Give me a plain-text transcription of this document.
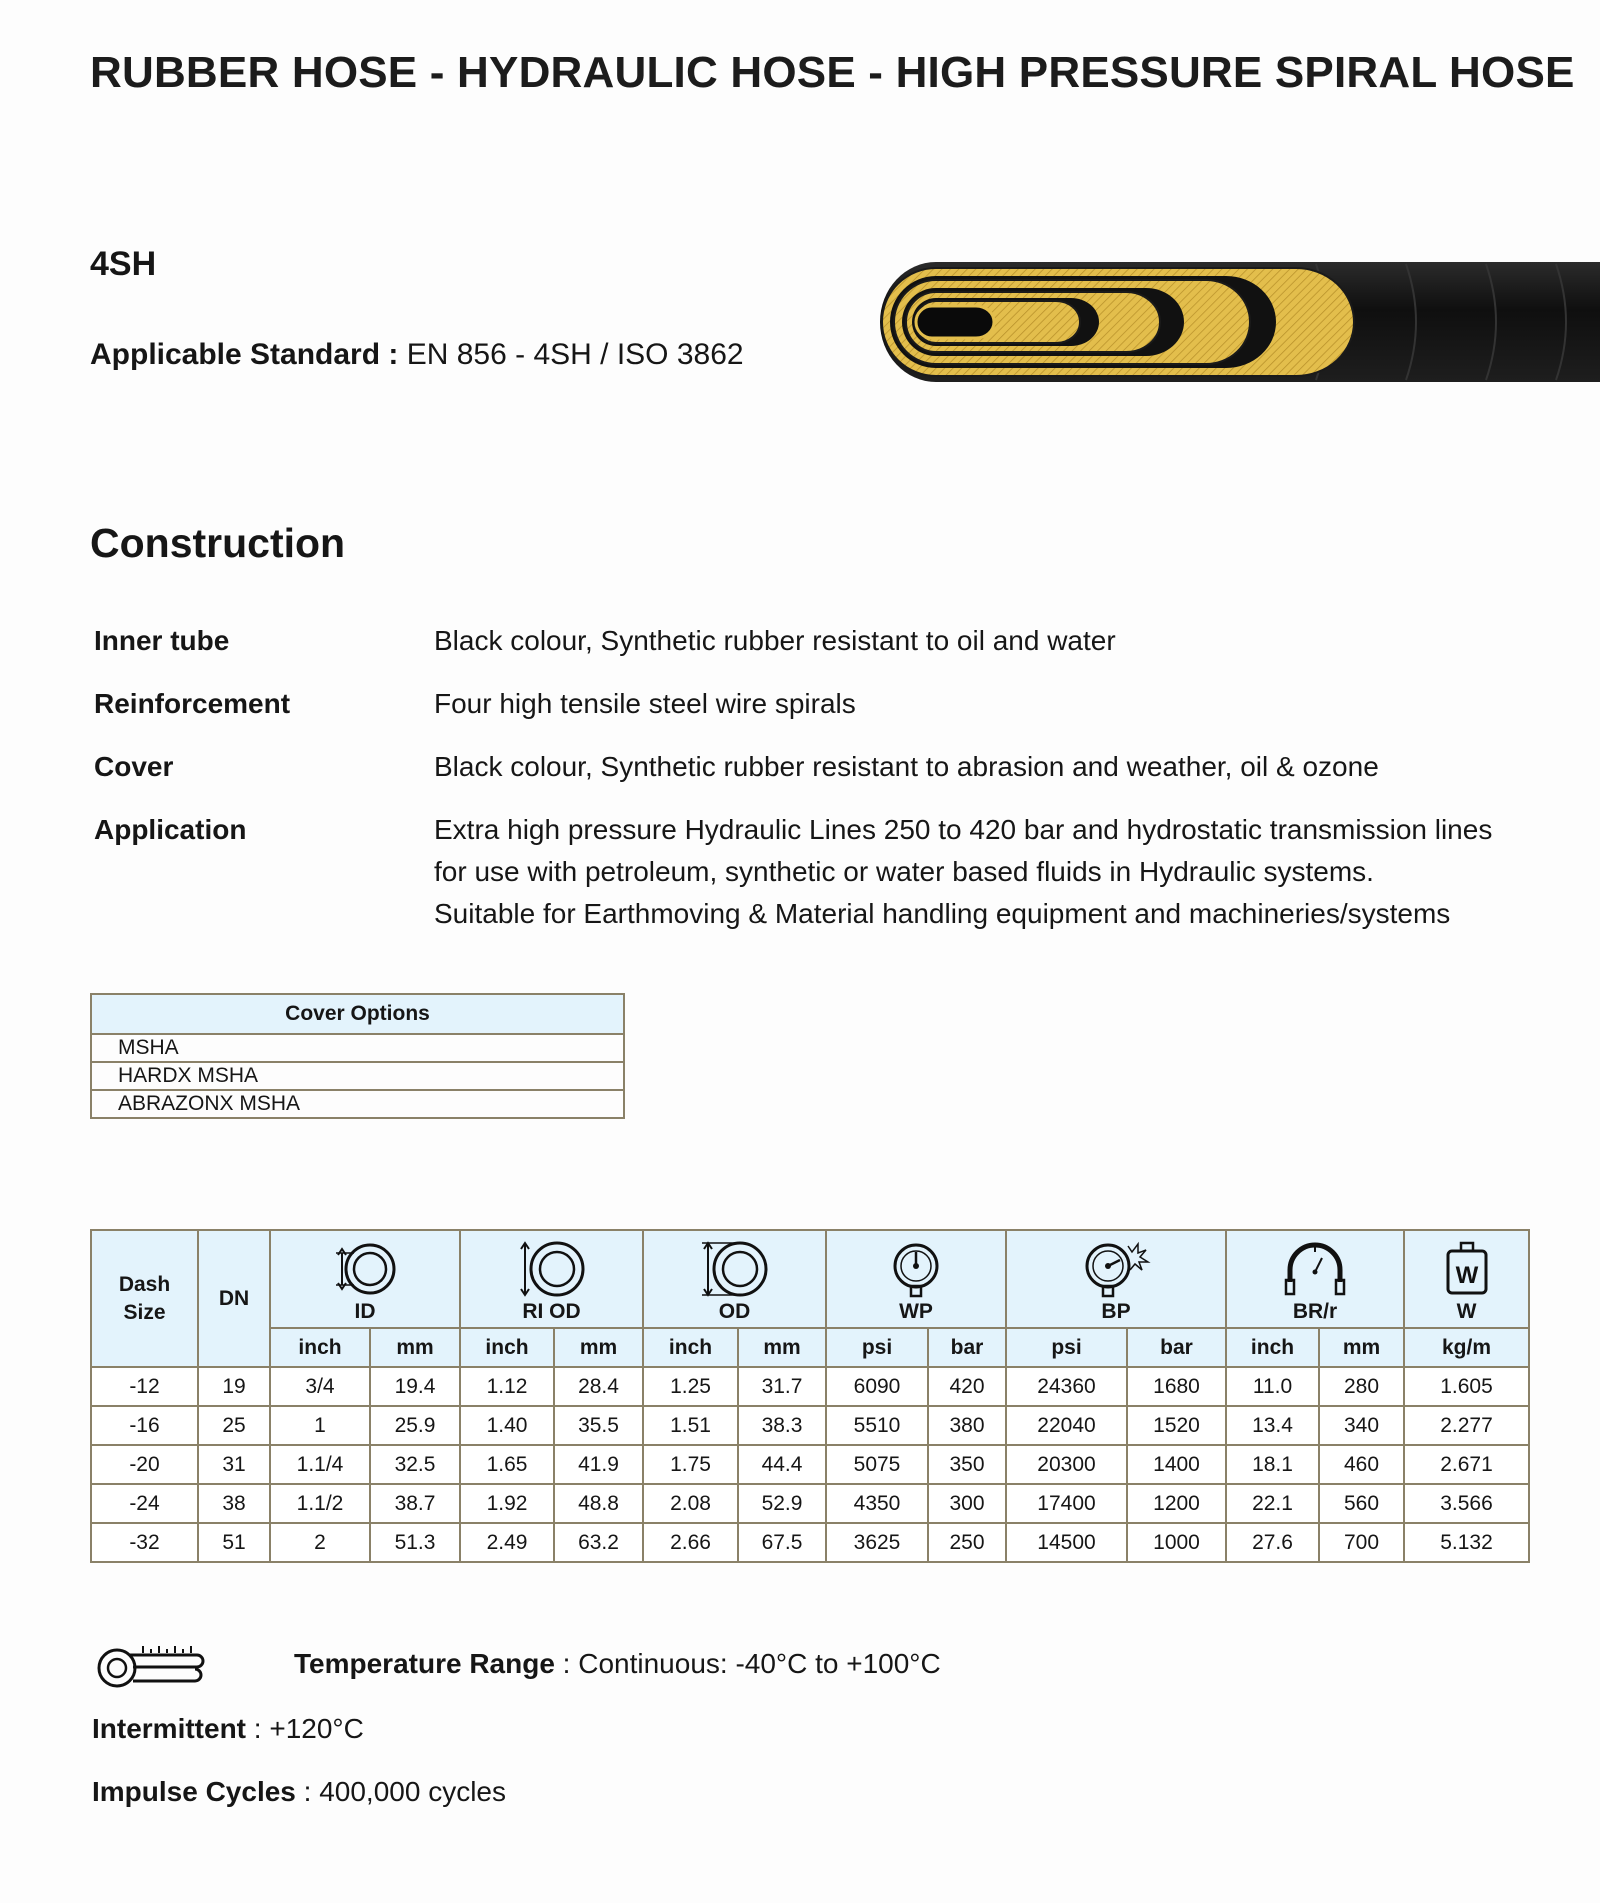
RUBBER HOSE - HYDRAULIC HOSE - HIGH PRESSURE SPIRAL HOSE
4SH
Applicable Standard : EN 856 - 4SH / ISO 3862
Construction
Inner tube	Black colour, Synthetic rubber resistant to oil and water
Reinforcement	Four high tensile steel wire spirals
Cover	Black colour, Synthetic rubber resistant to abrasion and weather, oil & ozone
Application	Extra high pressure Hydraulic Lines 250 to 420 bar and hydrostatic transmission lines
for use with petroleum, synthetic or water based fluids in Hydraulic systems.
Suitable for Earthmoving & Material handling equipment and machineries/systems
Cover Options
MSHA
HARDX MSHA
ABRAZONX MSHA
Dash Size	DN	ID		RI OD		OD		WP		BP		BR/r		W
W

		inch	mm	inch	mm	inch	mm	psi	bar	psi	bar	inch	mm	kg/m
-12	19	3/4	19.4	1.12	28.4	1.25	31.7	6090	420	24360	1680	11.0	280	1.605
-16	25	1	25.9	1.40	35.5	1.51	38.3	5510	380	22040	1520	13.4	340	2.277
-20	31	1.1/4	32.5	1.65	41.9	1.75	44.4	5075	350	20300	1400	18.1	460	2.671
-24	38	1.1/2	38.7	1.92	48.8	2.08	52.9	4350	300	17400	1200	22.1	560	3.566
-32	51	2	51.3	2.49	63.2	2.66	67.5	3625	250	14500	1000	27.6	700	5.132
Temperature Range : Continuous: -40°C to +100°C
Intermittent : +120°C
Impulse Cycles : 400,000 cycles
